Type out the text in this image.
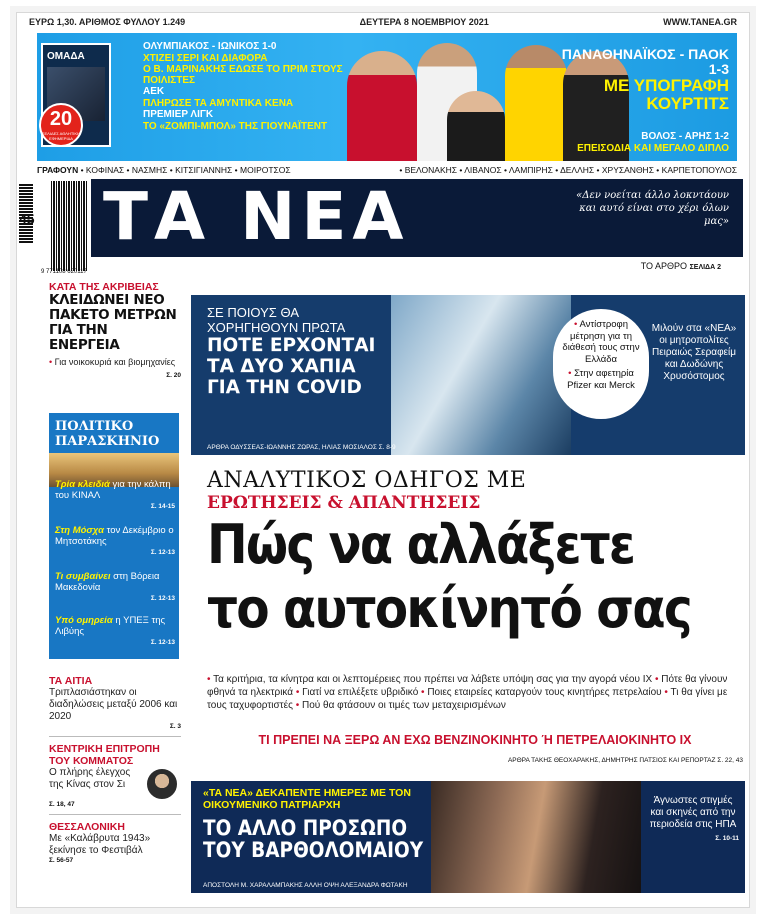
ΕΥΡΩ 1,30. ΑΡΙΘΜΟΣ ΦΥΛΛΟΥ 1.249	ΔΕΥΤΕΡΑ 8 ΝΟΕΜΒΡΙΟΥ 2021	WWW.TANEA.GR
ΟΜΑΔΑ
20
ΣΕΛΙΔΕΣ ΑΘΛΗΤΙΚΗ ΕΦΗΜΕΡΙΔΑ
ΟΛΥΜΠΙΑΚΟΣ - ΙΩΝΙΚΟΣ 1-0
ΧΤΙΖΕΙ ΣΕΡΙ ΚΑΙ ΔΙΑΦΟΡΑ
Ο Β. ΜΑΡΙΝΑΚΗΣ ΕΔΩΣΕ ΤΟ ΠΡΙΜ ΣΤΟΥΣ ΠΟΙΛΙΣΤΕΣ
ΑΕΚ
ΠΛΗΡΩΣΕ ΤΑ ΑΜΥΝΤΙΚΑ ΚΕΝΑ
ΠΡΕΜΙΕΡ ΛΙΓΚ
ΤΟ «ΖΟΜΠΙ-ΜΠΟΛ» ΤΗΣ ΓΙΟΥΝΑΪΤΕΝΤ
ΠΑΝΑΘΗΝΑΪΚΟΣ - ΠΑΟΚ 1-3
ΜΕ ΥΠΟΓΡΑΦΗ ΚΟΥΡΤΙΤΣ
ΒΟΛΟΣ - ΑΡΗΣ 1-2
ΕΠΕΙΣΟΔΙΑ ΚΑΙ ΜΕΓΑΛΟ ΔΙΠΛΟ
ΓΡΑΦΟΥΝ • ΚΟΦΙΝΑΣ • ΝΑΣΜΗΣ • ΚΙΤΣΙΓΙΑΝΝΗΣ • ΜΟΙΡΟΤΣΟΣ	• ΒΕΛΟΝΑΚΗΣ • ΛΙΒΑΝΟΣ • ΛΑΜΠΙΡΗΣ • ΔΕΛΛΗΣ • ΧΡΥΣΑΝΘΗΣ • ΚΑΡΠΕΤΟΠΟΥΛΟΣ
45
9 771108 620117
ΤΑ ΝΕΑ	«Δεν νοείται άλλο λοκντάουν και αυτό είναι στο χέρι όλων μας»
ΤΟ ΑΡΘΡΟ ΣΕΛΙΔΑ 2
ΚΑΤΑ ΤΗΣ ΑΚΡΙΒΕΙΑΣ
ΚΛΕΙΔΩΝΕΙ ΝΕΟ ΠΑΚΕΤΟ ΜΕΤΡΩΝ ΓΙΑ ΤΗΝ ΕΝΕΡΓΕΙΑ
• Για νοικοκυριά και βιομηχανίες
Σ. 20
ΠΟΛΙΤΙΚΟ ΠΑΡΑΣΚΗΝΙΟ
Τρία κλειδιά για την κάλπη του ΚΙΝΑΛ
Σ. 14-15
Στη Μόσχα τον Δεκέμβριο ο Μητσοτάκης
Σ. 12-13
Τι συμβαίνει στη Βόρεια Μακεδονία
Σ. 12-13
Υπό ομηρεία η ΥΠΕΞ της Λιβύης
Σ. 12-13
ΤΑ ΑΙΤΙΑ
Τριπλασιάστηκαν οι διαδηλώσεις μεταξύ 2006 και 2020
Σ. 3
ΚΕΝΤΡΙΚΗ ΕΠΙΤΡΟΠΗ ΤΟΥ ΚΟΜΜΑΤΟΣ
Ο πλήρης έλεγχος της Κίνας στον Σι
Σ. 18, 47
ΘΕΣΣΑΛΟΝΙΚΗ
Με «Καλάβρυτα 1943» ξεκίνησε το Φεστιβάλ
Σ. 56-57
ΣΕ ΠΟΙΟΥΣ ΘΑ ΧΟΡΗΓΗΘΟΥΝ ΠΡΩΤΑ
ΠΟΤΕ ΕΡΧΟΝΤΑΙ ΤΑ ΔΥΟ ΧΑΠΙΑ ΓΙΑ ΤΗΝ COVID
• Αντίστροφη μέτρηση για τη διάθεσή τους στην Ελλάδα
• Στην αφετηρία Pfizer και Merck
Μιλούν στα «ΝΕΑ» οι μητροπολίτες Πειραιώς Σεραφείμ και Δωδώνης Χρυσόστομος
ΑΡΘΡΑ ΟΔΥΣΣΕΑΣ-ΙΩΑΝΝΗΣ ΖΩΡΑΣ, ΗΛΙΑΣ ΜΟΣΙΑΛΟΣ Σ. 8-9
ΑΝΑΛΥΤΙΚΟΣ ΟΔΗΓΟΣ ΜΕ
ΕΡΩΤΗΣΕΙΣ & ΑΠΑΝΤΗΣΕΙΣ
Πώς να αλλάξετε
το αυτοκίνητό σας
• Τα κριτήρια, τα κίνητρα και οι λεπτομέρειες που πρέπει να λάβετε υπόψη σας για την αγορά νέου ΙΧ • Πότε θα γίνουν φθηνά τα ηλεκτρικά • Γιατί να επιλέξετε υβριδικό • Ποιες εταιρείες καταργούν τους κινητήρες πετρελαίου • Τι θα γίνει με τους ταχυφορτιστές • Πού θα φτάσουν οι τιμές των μεταχειρισμένων
ΤΙ ΠΡΕΠΕΙ ΝΑ ΞΕΡΩ ΑΝ ΕΧΩ ΒΕΝΖΙΝΟΚΙΝΗΤΟ Ή ΠΕΤΡΕΛΑΙΟΚΙΝΗΤΟ ΙΧ
ΑΡΘΡΑ ΤΑΚΗΣ ΘΕΟΧΑΡΑΚΗΣ, ΔΗΜΗΤΡΗΣ ΠΑΤΣΙΟΣ ΚΑΙ ΡΕΠΟΡΤΑΖ Σ. 22, 43
«ΤΑ ΝΕΑ» ΔΕΚΑΠΕΝΤΕ ΗΜΕΡΕΣ ΜΕ ΤΟΝ ΟΙΚΟΥΜΕΝΙΚΟ ΠΑΤΡΙΑΡΧΗ
ΤΟ ΑΛΛΟ ΠΡΟΣΩΠΟ
ΤΟΥ ΒΑΡΘΟΛΟΜΑΙΟΥ
Άγνωστες στιγμές και σκηνές από την περιοδεία στις ΗΠΑ
Σ. 10-11
ΑΠΟΣΤΟΛΗ Μ. ΧΑΡΑΛΑΜΠΑΚΗΣ ΑΛΛΗ ΟΨΗ ΑΛΕΞΑΝΔΡΑ ΦΩΤΑΚΗ
